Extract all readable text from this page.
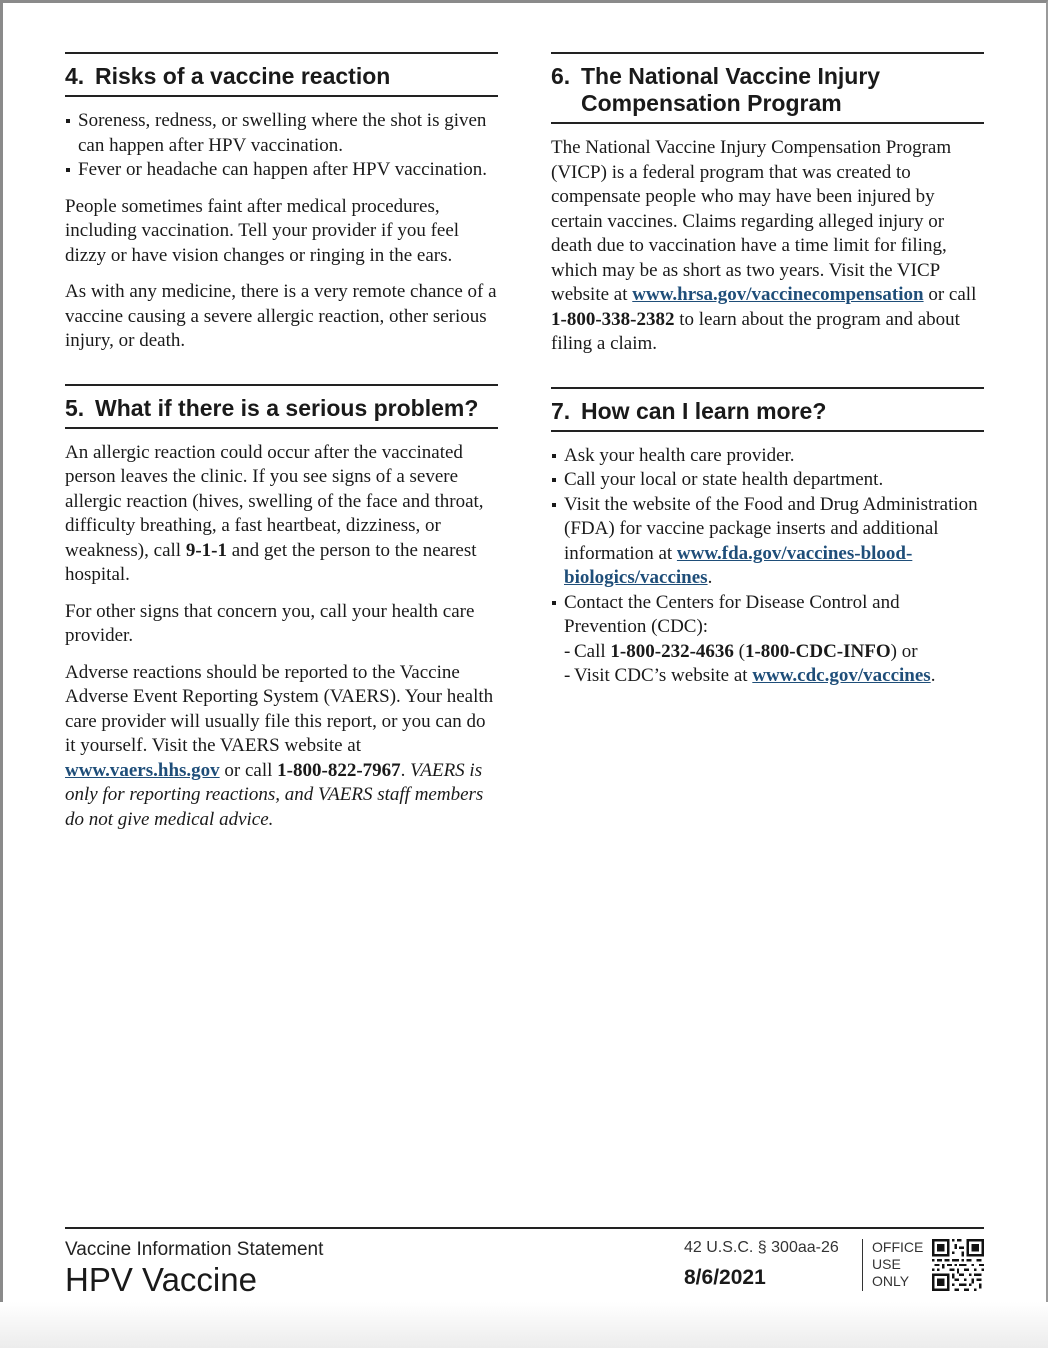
4. Risks of a vaccine reaction
Soreness, redness, or swelling where the shot is given can happen after HPV vaccination.
Fever or headache can happen after HPV vaccination.

People sometimes faint after medical procedures, including vaccination. Tell your provider if you feel dizzy or have vision changes or ringing in the ears.

As with any medicine, there is a very remote chance of a vaccine causing a severe allergic reaction, other serious injury, or death.

5. What if there is a serious problem?

An allergic reaction could occur after the vaccinated person leaves the clinic. If you see signs of a severe allergic reaction (hives, swelling of the face and throat, difficulty breathing, a fast heartbeat, dizziness, or weakness), call 9-1-1 and get the person to the nearest hospital.

For other signs that concern you, call your health care provider.

Adverse reactions should be reported to the Vaccine Adverse Event Reporting System (VAERS). Your health care provider will usually file this report, or you can do it yourself. Visit the VAERS website at www.vaers.hhs.gov or call 1-800-822-7967. VAERS is only for reporting reactions, and VAERS staff members do not give medical advice.

6. The National Vaccine Injury Compensation Program

The National Vaccine Injury Compensation Program (VICP) is a federal program that was created to compensate people who may have been injured by certain vaccines. Claims regarding alleged injury or death due to vaccination have a time limit for filing, which may be as short as two years. Visit the VICP website at www.hrsa.gov/vaccinecompensation or call 1-800-338-2382 to learn about the program and about filing a claim.

7. How can I learn more?
Ask your health care provider.
Call your local or state health department.
Visit the website of the Food and Drug Administration (FDA) for vaccine package inserts and additional information at www.fda.gov/vaccines-blood-biologics/vaccines.
Contact the Centers for Disease Control and Prevention (CDC):
- Call 1-800-232-4636 (1-800-CDC-INFO) or
- Visit CDC’s website at www.cdc.gov/vaccines.
Vaccine Information Statement
HPV Vaccine
42 U.S.C. § 300aa-26
8/6/2021
OFFICE
USE
ONLY
